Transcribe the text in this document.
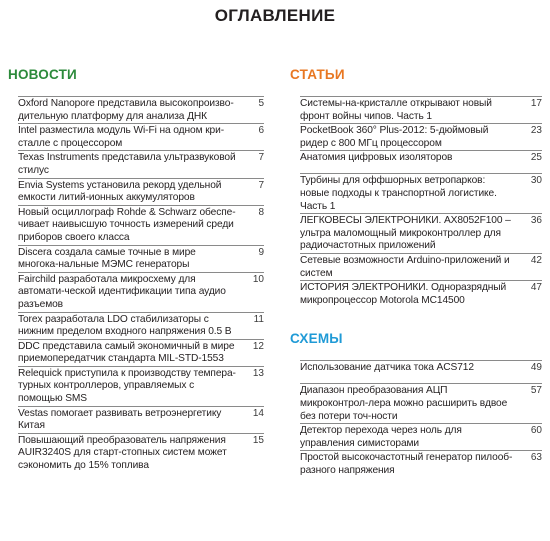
ОГЛАВЛЕНИЕ
НОВОСТИ
Oxford Nanopore представила высокопроизво-дительную платформу для анализа ДНК
5
Intel разместила модуль Wi-Fi на одном кри-сталле с процессором
6
Texas Instruments представила ультразвуковой стилус
7
Envia Systems установила рекорд удельной емкости литий-ионных аккумуляторов
7
Новый осциллограф Rohde & Schwarz обеспе-чивает наивысшую точность измерений среди приборов своего класса
8
Discera создала самые точные в мире многока-нальные МЭМС генераторы
9
Fairchild разработала микросхему для автомати-ческой идентификации типа аудио разъемов
10
Torex разработала LDO стабилизаторы с нижним пределом входного напряжения 0.5 В
11
DDC представила самый экономичный в мире приемопередатчик стандарта MIL-STD-1553
12
Relequick приступила к производству темпера-турных контроллеров, управляемых с помощью SMS
13
Vestas помогает развивать ветроэнергетику Китая
14
Повышающий преобразователь напряжения AUIR3240S для старт-стопных систем может сэкономить до 15% топлива
15
СТАТЬИ
Системы-на-кристалле открывают новый фронт войны чипов. Часть 1
17
PocketBook 360° Plus-2012: 5-дюймовый ридер с 800 МГц процессором
23
Анатомия цифровых изоляторов	25
Турбины для оффшорных ветропарков: новые подходы к транспортной логистике. Часть 1
30
ЛЕГКОВЕСЫ ЭЛЕКТРОНИКИ. AX8052F100 – ультра маломощный микроконтроллер для радиочастотных приложений
36
Сетевые возможности Arduino-приложений и систем
42
ИСТОРИЯ ЭЛЕКТРОНИКИ. Одноразрядный микропроцессор Motorola MC14500
47
СХЕМЫ
Использование датчика тока ACS712	49
Диапазон преобразования АЦП микроконтрол-лера можно расширить вдвое без потери точ-ности
57
Детектор перехода через ноль для управления симисторами
60
Простой высокочастотный генератор пилооб-разного напряжения
63
